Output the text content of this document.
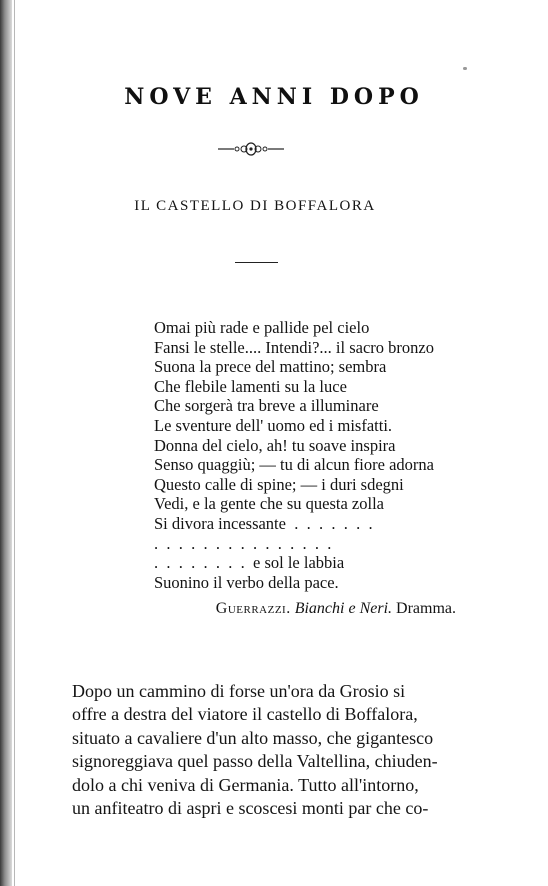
NOVE ANNI DOPO
IL CASTELLO DI BOFFALORA
Omai più rade e pallide pel cielo
Fansi le stelle.... Intendi?... il sacro bronzo
Suona la prece del mattino; sembra
Che flebile lamenti su la luce
Che sorgerà tra breve a illuminare
Le sventure dell' uomo ed i misfatti.
Donna del cielo, ah! tu soave inspira
Senso quaggiù; — tu di alcun fiore adorna
Questo calle di spine; — i duri sdegni
Vedi, e la gente che su questa zolla
Si divora incessante  .  .  .  .  .  .  .
.  .  .  .  .  .  .  .  .  .  .  .  .  .  .
.  .  .  .  .  .  .  .  e sol le labbia
Suonino il verbo della pace.
Guerrazzi. Bianchi e Neri. Dramma.
Dopo un cammino di forse un'ora da Grosio si
offre a destra del viatore il castello di Boffalora,
situato a cavaliere d'un alto masso, che gigantesco
signoreggiava quel passo della Valtellina, chiuden-
dolo a chi veniva di Germania. Tutto all'intorno,
un anfiteatro di aspri e scoscesi monti par che co-
